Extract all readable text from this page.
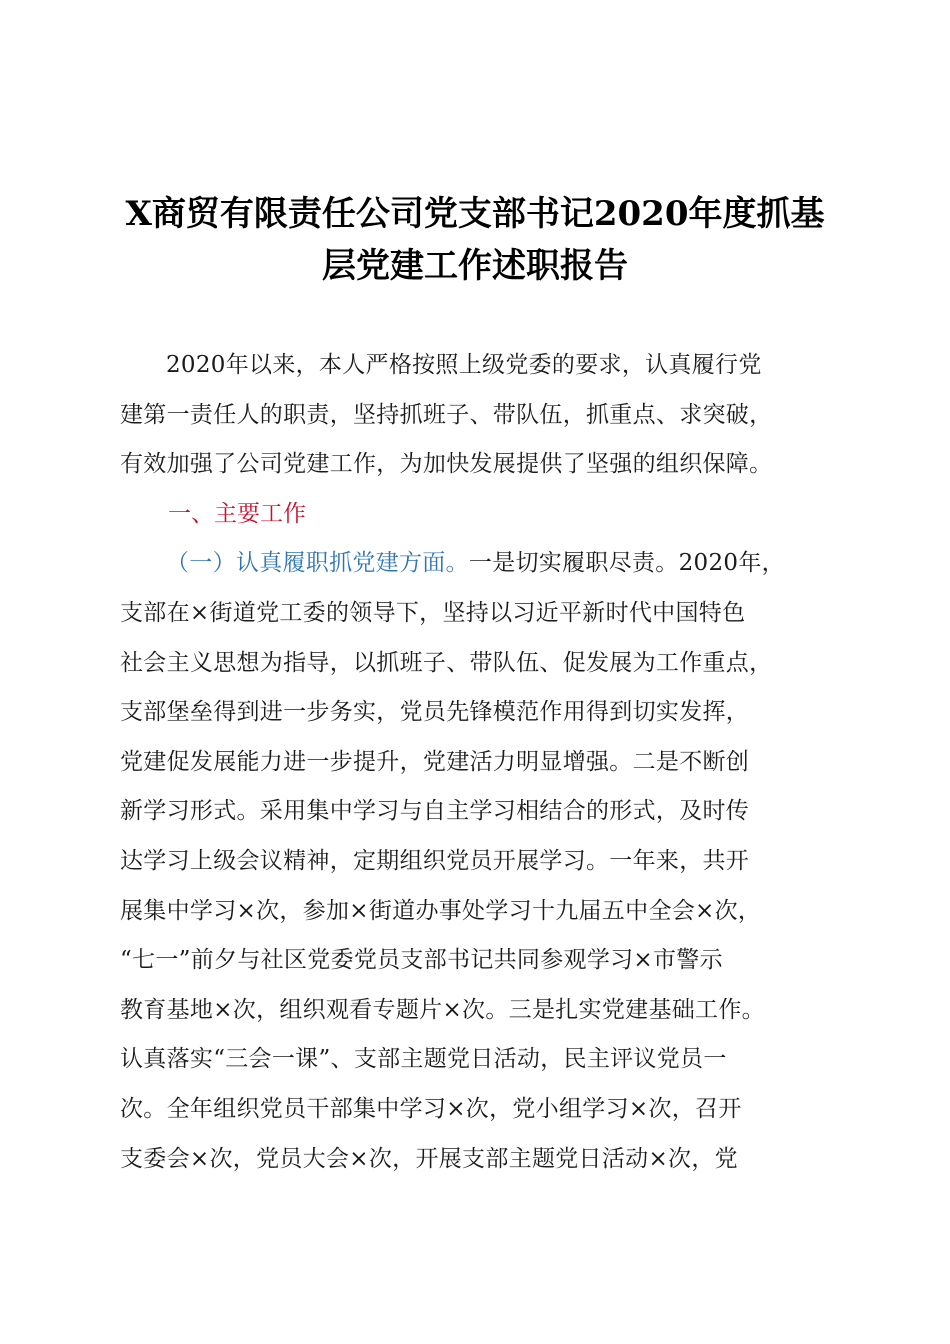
X商贸有限责任公司党支部书记2020年度抓基
层党建工作述职报告
2020年以来，本人严格按照上级党委的要求，认真履行党
建第一责任人的职责，坚持抓班子、带队伍，抓重点、求突破，
有效加强了公司党建工作，为加快发展提供了坚强的组织保障。
一、主要工作
（一）认真履职抓党建方面。一是切实履职尽责。2020年，
支部在×街道党工委的领导下，坚持以习近平新时代中国特色
社会主义思想为指导，以抓班子、带队伍、促发展为工作重点，
支部堡垒得到进一步务实，党员先锋模范作用得到切实发挥，
党建促发展能力进一步提升，党建活力明显增强。二是不断创
新学习形式。采用集中学习与自主学习相结合的形式，及时传
达学习上级会议精神，定期组织党员开展学习。一年来，共开
展集中学习×次，参加×街道办事处学习十九届五中全会×次，
“七一”前夕与社区党委党员支部书记共同参观学习×市警示
教育基地×次，组织观看专题片×次。三是扎实党建基础工作。
认真落实“三会一课”、支部主题党日活动，民主评议党员一
次。全年组织党员干部集中学习×次，党小组学习×次，召开
支委会×次，党员大会×次，开展支部主题党日活动×次，党
